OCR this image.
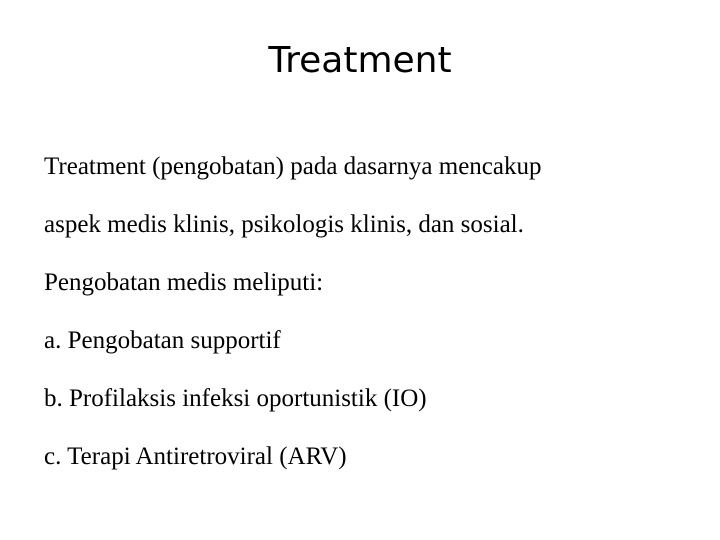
Treatment
Treatment (pengobatan) pada dasarnya mencakup
aspek medis klinis, psikologis klinis, dan sosial.
Pengobatan medis meliputi:
a. Pengobatan supportif
b. Profilaksis infeksi oportunistik (IO)
c. Terapi Antiretroviral (ARV)
